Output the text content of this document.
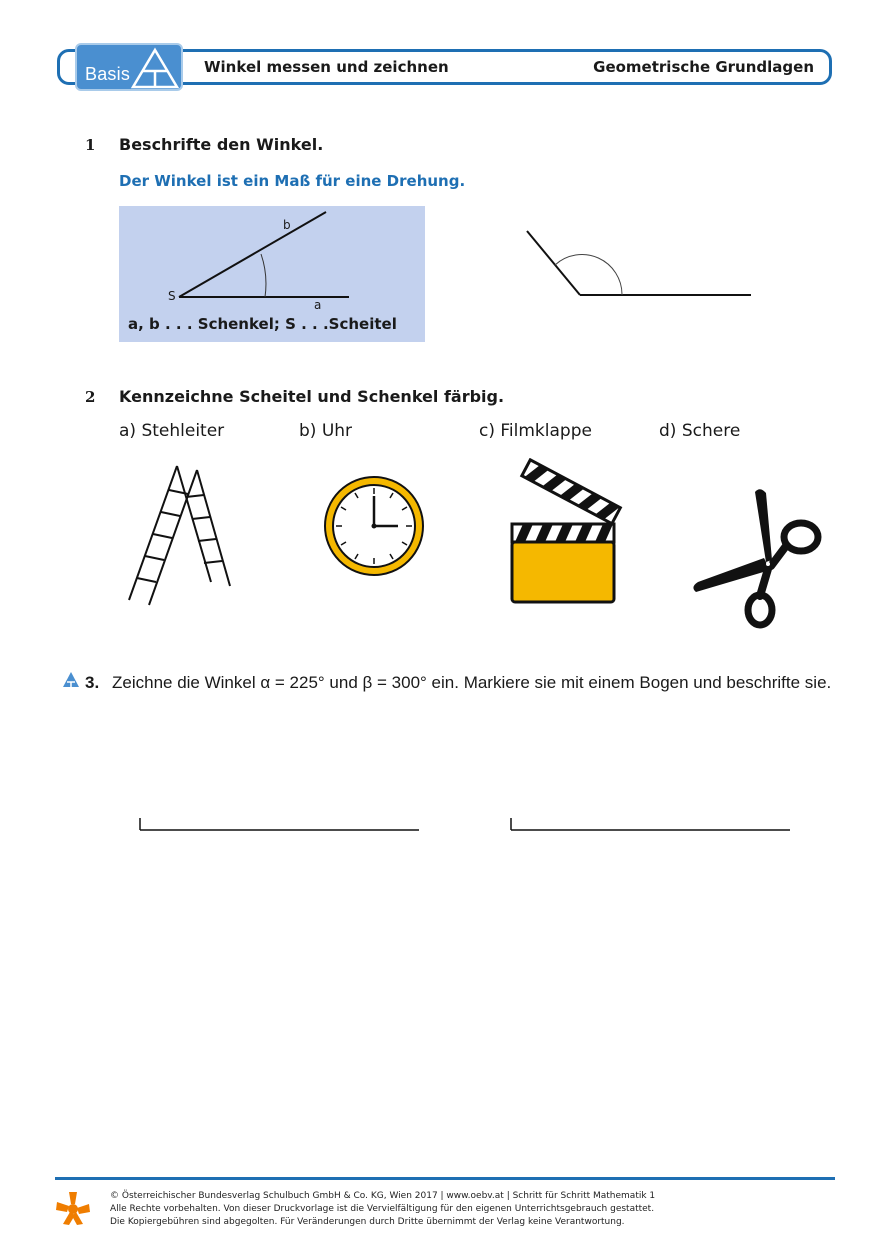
Basis	Winkel messen und zeichnen	Geometrische Grundlagen
1 Beschrifte den Winkel.
Der Winkel ist ein Maß für eine Drehung.
b
a
S
a, b . . . Schenkel; S . . .Scheitel
2 Kennzeichne Scheitel und Schenkel färbig.
a) Stehleiter	b) Uhr	c) Filmklappe	d) Schere
3. Zeichne die Winkel α = 225° und β = 300° ein. Markiere sie mit einem Bogen und beschrifte sie.
© Österreichischer Bundesverlag Schulbuch GmbH & Co. KG, Wien 2017 | www.oebv.at | Schritt für Schritt Mathematik 1
Alle Rechte vorbehalten. Von dieser Druckvorlage ist die Vervielfältigung für den eigenen Unterrichtsgebrauch gestattet.
Die Kopiergebühren sind abgegolten. Für Veränderungen durch Dritte übernimmt der Verlag keine Verantwortung.
